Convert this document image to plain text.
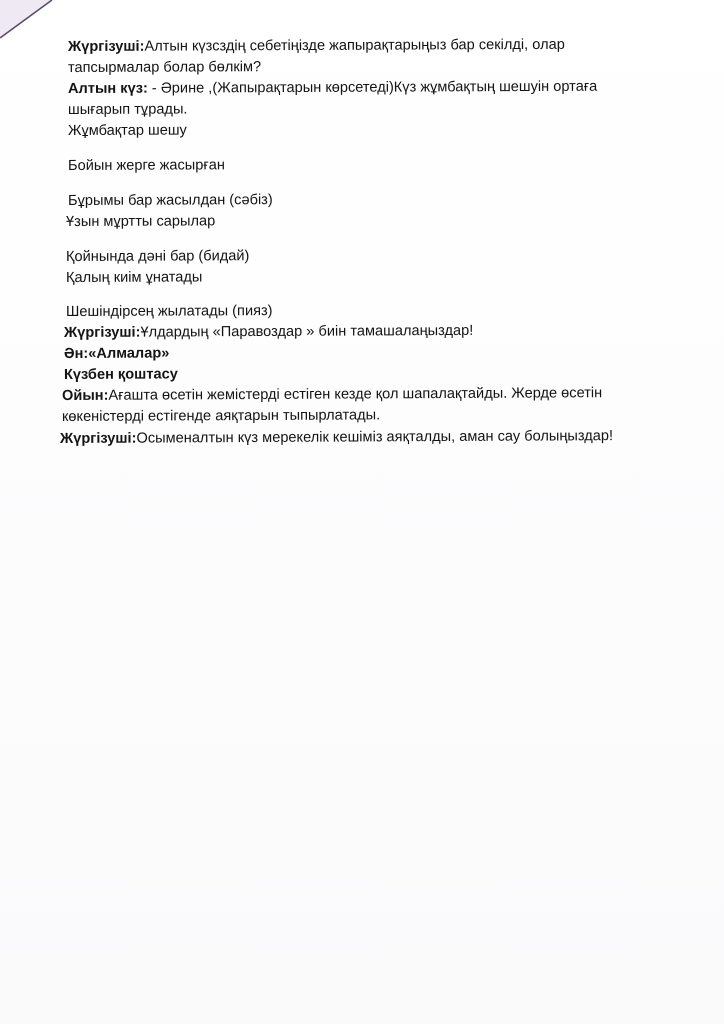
Жүргізуші:Алтын күзсздің себетіңізде жапырақтарыңыз бар секілді, олар
тапсырмалар болар бөлкім?
Алтын күз: - Әрине ,(Жапырақтарын көрсетеді)Күз жұмбақтың шешуін ортаға
шығарып тұрады.
Жұмбақтар шешу
Бойын жерге жасырған
Бұрымы бар жасылдан (сәбіз)
Ұзын мұртты сарылар
Қойнында дәні бар (бидай)
Қалың киім ұнатады
Шешіндірсең жылатады (пияз)
Жүргізуші:Ұлдардың «Паравоздар » биін тамашалаңыздар!
Ән:«Алмалар»
Күзбен қоштасу
Ойын:Ағашта өсетін жемістерді естіген кезде қол шапалақтайды. Жерде өсетін
көкеністерді естігенде аяқтарын тыпырлатады.
Жүргізуші:Осыменалтын күз мерекелік кешіміз аяқталды, аман сау болыңыздар!
